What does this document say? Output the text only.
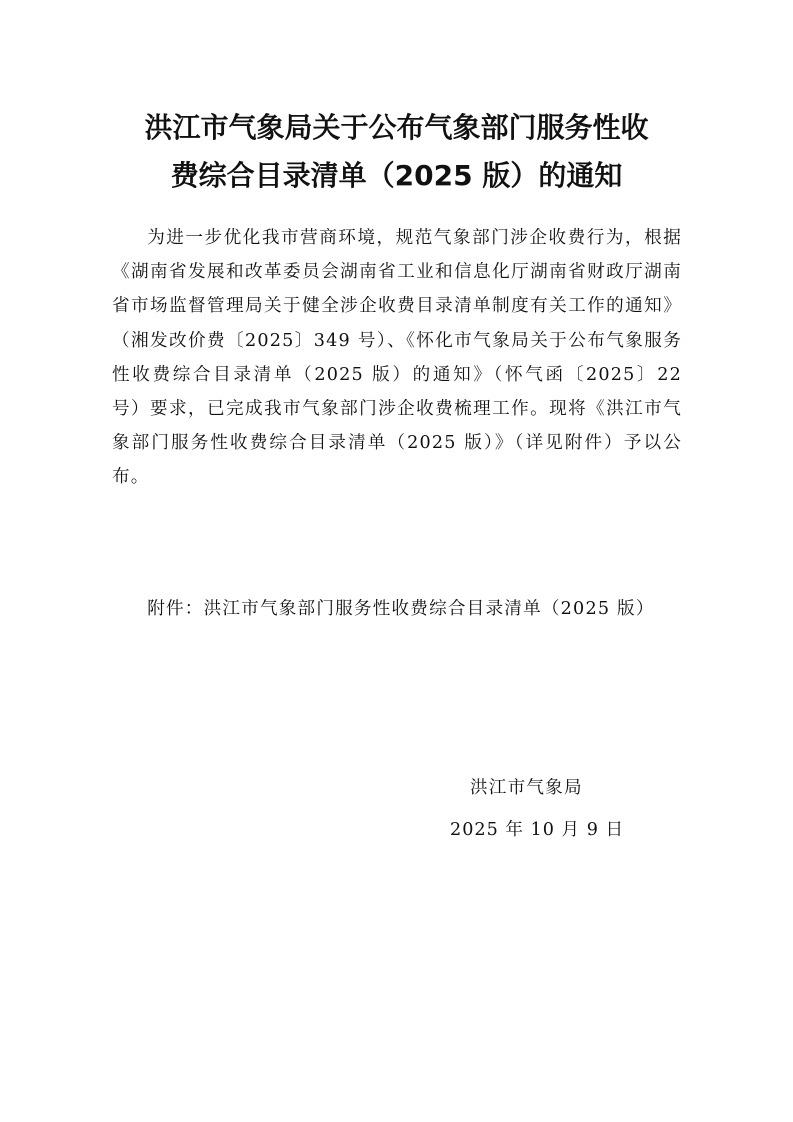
洪江市气象局关于公布气象部门服务性收
费综合目录清单（2025 版）的通知

为进一步优化我市营商环境，规范气象部门涉企收费行为，根据《湖南省发展和改革委员会湖南省工业和信息化厅湖南省财政厅湖南省市场监督管理局关于健全涉企收费目录清单制度有关工作的通知》（湘发改价费〔2025〕349 号）、《怀化市气象局关于公布气象服务性收费综合目录清单（2025 版）的通知》（怀气函〔2025〕22 号）要求，已完成我市气象部门涉企收费梳理工作。现将《洪江市气象部门服务性收费综合目录清单（2025 版）》（详见附件）予以公布。

附件：洪江市气象部门服务性收费综合目录清单（2025 版）

洪江市气象局
2025 年 10 月 9 日
